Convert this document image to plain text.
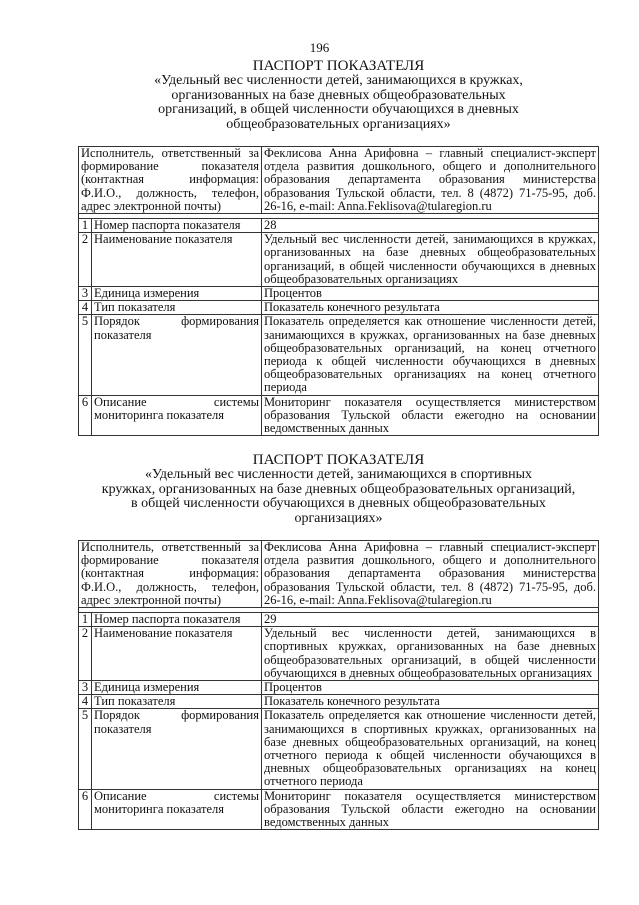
196
ПАСПОРТ ПОКАЗАТЕЛЯ
«Удельный вес численности детей, занимающихся в кружках,
организованных на базе дневных общеобразовательных
организаций, в общей численности обучающихся в дневных
общеобразовательных организациях»
Исполнитель, ответственный за формирование показателя (контактная информация: Ф.И.О., должность, телефон, адрес электронной почты)		Феклисова Анна Арифовна – главный специалист-эксперт отдела развития дошкольного, общего и дополнительного образования департамента образования министерства образования Тульской области, тел. 8 (4872) 71-75-95, доб. 26-16, e-mail: Anna.Feklisova@tularegion.ru

1	Номер паспорта показателя	28
2	Наименование показателя	Удельный вес численности детей, занимающихся в кружках, организованных на базе дневных общеобразовательных организаций, в общей численности обучающихся в дневных общеобразовательных организациях
3	Единица измерения	Процентов
4	Тип показателя	Показатель конечного результата
5	Порядок формирования показателя	Показатель определяется как отношение численности детей, занимающихся в кружках, организованных на базе дневных общеобразовательных организаций, на конец отчетного периода к общей численности обучающихся в дневных общеобразовательных организациях на конец отчетного периода
6	Описание системы мониторинга показателя	Мониторинг показателя осуществляется министерством образования Тульской области ежегодно на основании ведомственных данных
ПАСПОРТ ПОКАЗАТЕЛЯ
«Удельный вес численности детей, занимающихся в спортивных
кружках, организованных на базе дневных общеобразовательных организаций,
в общей численности обучающихся в дневных общеобразовательных
организациях»
Исполнитель, ответственный за формирование показателя (контактная информация: Ф.И.О., должность, телефон, адрес электронной почты)		Феклисова Анна Арифовна – главный специалист-эксперт отдела развития дошкольного, общего и дополнительного образования департамента образования министерства образования Тульской области, тел. 8 (4872) 71-75-95, доб. 26-16, e-mail: Anna.Feklisova@tularegion.ru

1	Номер паспорта показателя	29
2	Наименование показателя	Удельный вес численности детей, занимающихся в спортивных кружках, организованных на базе дневных общеобразовательных организаций, в общей численности обучающихся в дневных общеобразовательных организациях
3	Единица измерения	Процентов
4	Тип показателя	Показатель конечного результата
5	Порядок формирования показателя	Показатель определяется как отношение численности детей, занимающихся в спортивных кружках, организованных на базе дневных общеобразовательных организаций, на конец отчетного периода к общей численности обучающихся в дневных общеобразовательных организациях на конец отчетного периода
6	Описание системы мониторинга показателя	Мониторинг показателя осуществляется министерством образования Тульской области ежегодно на основании ведомственных данных
